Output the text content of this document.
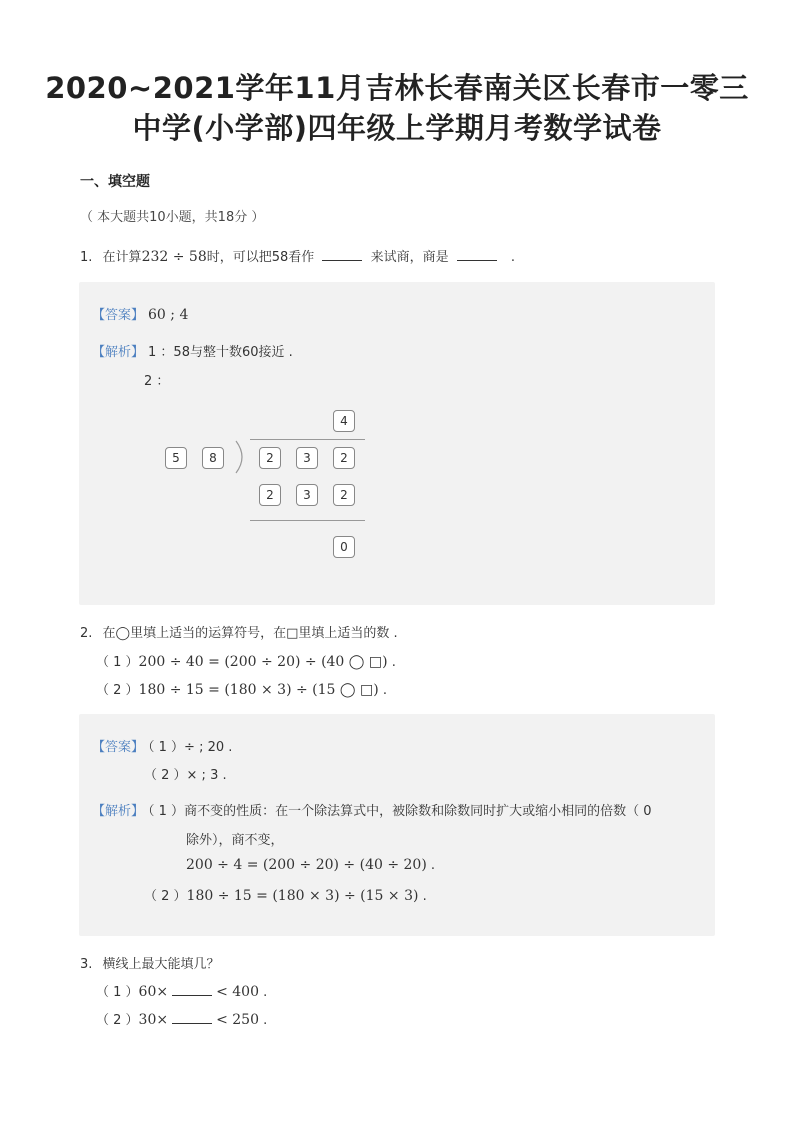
2020~2021学年11月吉林长春南关区长春市一零三
中学(小学部)四年级上学期月考数学试卷
一、填空题
（ 本大题共10小题，共18分 ）
1. 在计算232 ÷ 58时，可以把58看作	来试商，商是	.
【答案】 60 ; 4
【解析】 1 ：58与整十数60接近 .
2 ：
4
5	8	2	3	2
2	3	2
0
2. 在◯里填上适当的运算符号，在□里填上适当的数 .
（ 1 ）200 ÷ 40 = (200 ÷ 20) ÷ (40 ◯ □) .
（ 2 ）180 ÷ 15 = (180 × 3) ÷ (15 ◯ □) .
【答案】 （ 1 ）÷ ; 20 .
（ 2 ）× ; 3 .
【解析】 （ 1 ）商不变的性质：在一个除法算式中，被除数和除数同时扩大或缩小相同的倍数（ 0
除外），商不变，
200 ÷ 4 = (200 ÷ 20) ÷ (40 ÷ 20) .
（ 2 ）180 ÷ 15 = (180 × 3) ÷ (15 × 3) .
3. 横线上最大能填几？
（ 1 ）60×	< 400 .
（ 2 ）30×	< 250 .
